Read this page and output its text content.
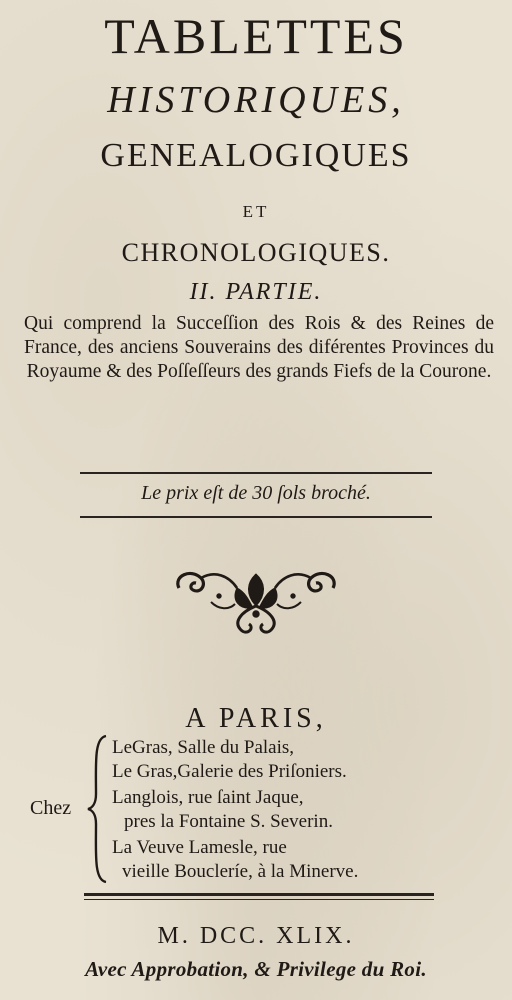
TABLETTES
HISTORIQUES,
GENEALOGIQUES
ET
CHRONOLOGIQUES.
II. PARTIE.
Qui comprend la Succeſſion des Rois & des Reines de France, des anciens Souverains des diférentes Provinces du Royaume & des Poſſeſſeurs des grands Fiefs de la Courone.
Le prix eſt de 30 ſols broché.
A PARIS,
Chez
LeGras, Salle du Palais,
Le Gras,Galerie des Priſoniers.
Langlois, rue ſaint Jaque,
pres la Fontaine S. Severin.
La Veuve Lamesle, rue
vieille Boucleríe, à la Minerve.
M. DCC. XLIX.
Avec Approbation, & Privilege du Roi.
